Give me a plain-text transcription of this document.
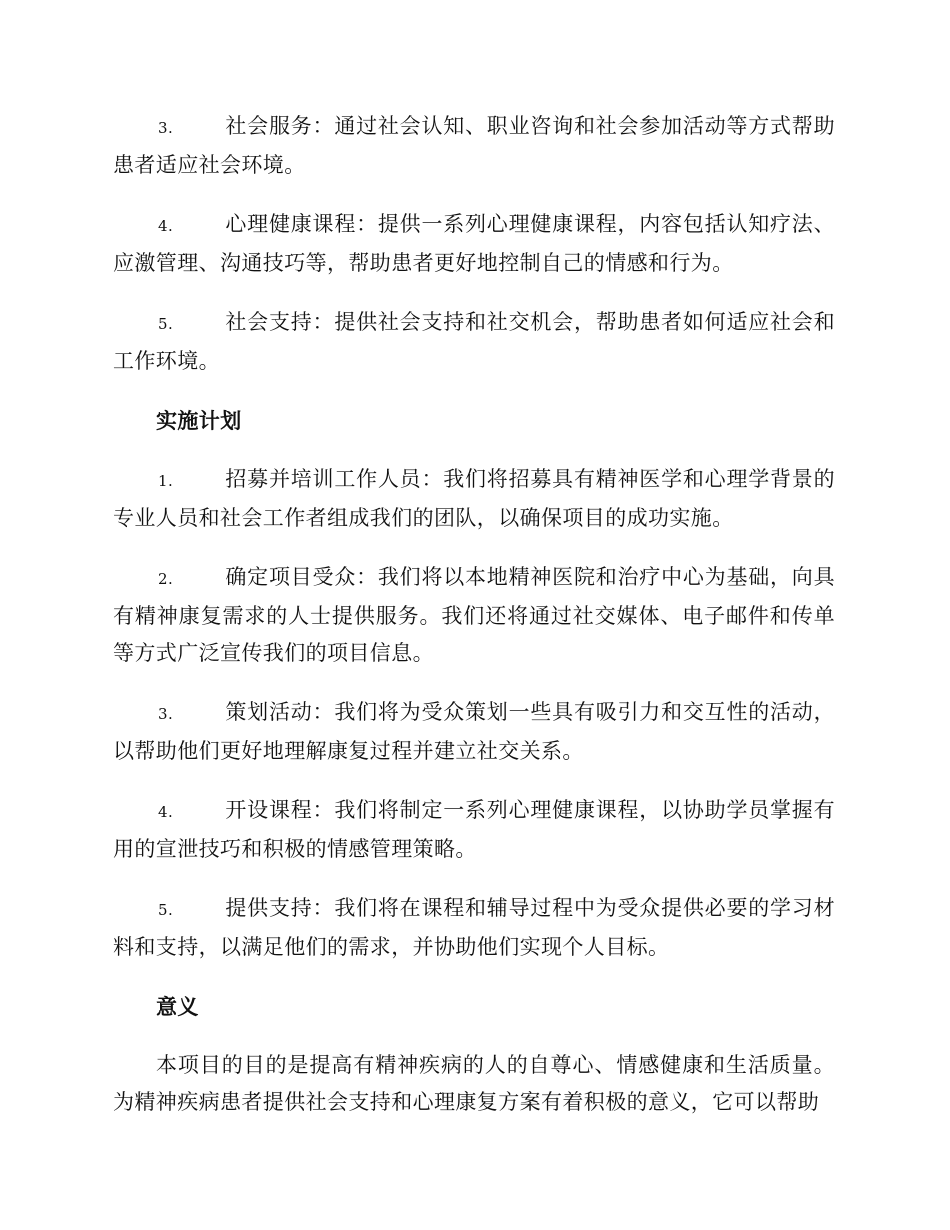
3. 社会服务：通过社会认知、职业咨询和社会参加活动等方式帮助患者适应社会环境。
4. 心理健康课程：提供一系列心理健康课程，内容包括认知疗法、应激管理、沟通技巧等，帮助患者更好地控制自己的情感和行为。
5. 社会支持：提供社会支持和社交机会，帮助患者如何适应社会和工作环境。
实施计划
1. 招募并培训工作人员：我们将招募具有精神医学和心理学背景的专业人员和社会工作者组成我们的团队，以确保项目的成功实施。
2. 确定项目受众：我们将以本地精神医院和治疗中心为基础，向具有精神康复需求的人士提供服务。我们还将通过社交媒体、电子邮件和传单等方式广泛宣传我们的项目信息。
3. 策划活动：我们将为受众策划一些具有吸引力和交互性的活动，以帮助他们更好地理解康复过程并建立社交关系。
4. 开设课程：我们将制定一系列心理健康课程，以协助学员掌握有用的宣泄技巧和积极的情感管理策略。
5. 提供支持：我们将在课程和辅导过程中为受众提供必要的学习材料和支持，以满足他们的需求，并协助他们实现个人目标。
意义

本项目的目的是提高有精神疾病的人的自尊心、情感健康和生活质量。为精神疾病患者提供社会支持和心理康复方案有着积极的意义，它可以帮助
